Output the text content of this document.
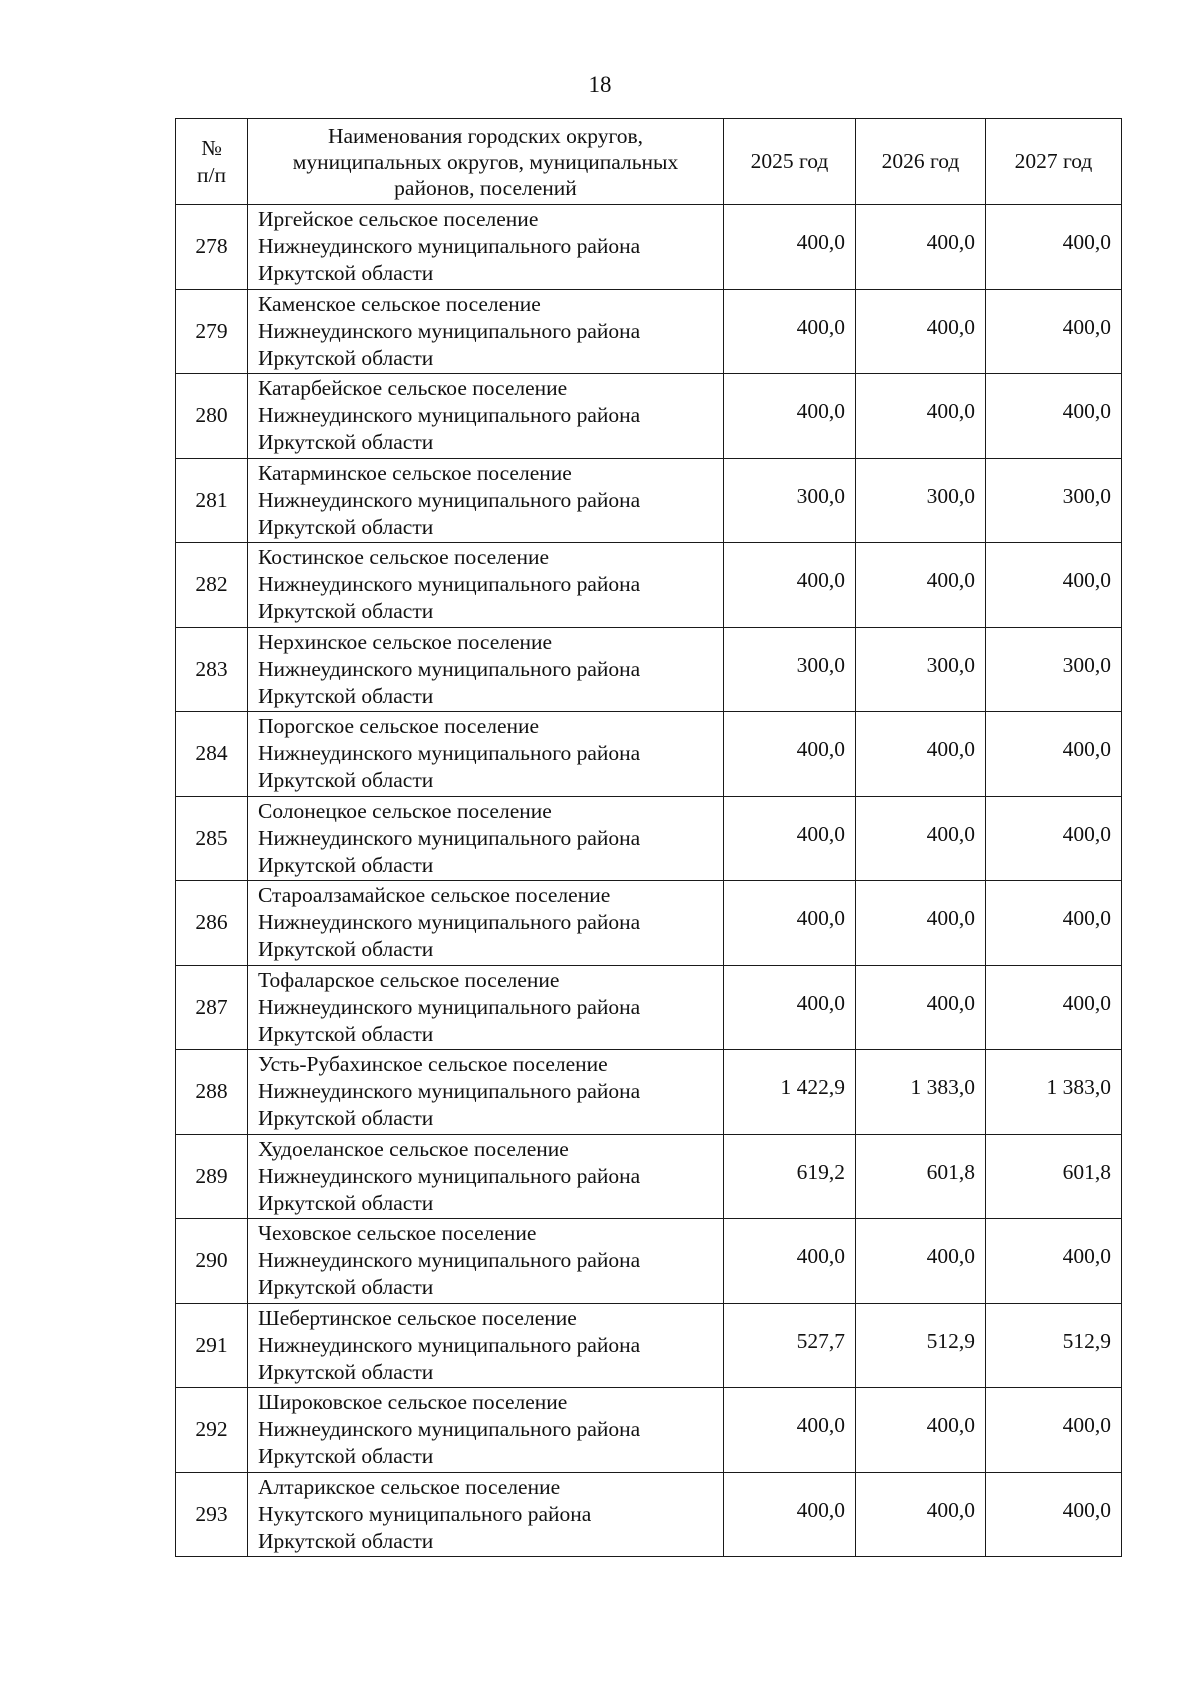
18
№
п/п	Наименования городских округов,
муниципальных округов, муниципальных
районов, поселений	2025 год	2026 год	2027 год
278	Иргейское сельское поселение
Нижнеудинского муниципального района
Иркутской области	400,0	400,0	400,0
279	Каменское сельское поселение
Нижнеудинского муниципального района
Иркутской области	400,0	400,0	400,0
280	Катарбейское сельское поселение
Нижнеудинского муниципального района
Иркутской области	400,0	400,0	400,0
281	Катарминское сельское поселение
Нижнеудинского муниципального района
Иркутской области	300,0	300,0	300,0
282	Костинское сельское поселение
Нижнеудинского муниципального района
Иркутской области	400,0	400,0	400,0
283	Нерхинское сельское поселение
Нижнеудинского муниципального района
Иркутской области	300,0	300,0	300,0
284	Порогское сельское поселение
Нижнеудинского муниципального района
Иркутской области	400,0	400,0	400,0
285	Солонецкое сельское поселение
Нижнеудинского муниципального района
Иркутской области	400,0	400,0	400,0
286	Староалзамайское сельское поселение
Нижнеудинского муниципального района
Иркутской области	400,0	400,0	400,0
287	Тофаларское сельское поселение
Нижнеудинского муниципального района
Иркутской области	400,0	400,0	400,0
288	Усть-Рубахинское сельское поселение
Нижнеудинского муниципального района
Иркутской области	1 422,9	1 383,0	1 383,0
289	Худоеланское сельское поселение
Нижнеудинского муниципального района
Иркутской области	619,2	601,8	601,8
290	Чеховское сельское поселение
Нижнеудинского муниципального района
Иркутской области	400,0	400,0	400,0
291	Шебертинское сельское поселение
Нижнеудинского муниципального района
Иркутской области	527,7	512,9	512,9
292	Широковское сельское поселение
Нижнеудинского муниципального района
Иркутской области	400,0	400,0	400,0
293	Алтарикское сельское поселение
Нукутского муниципального района
Иркутской области	400,0	400,0	400,0
